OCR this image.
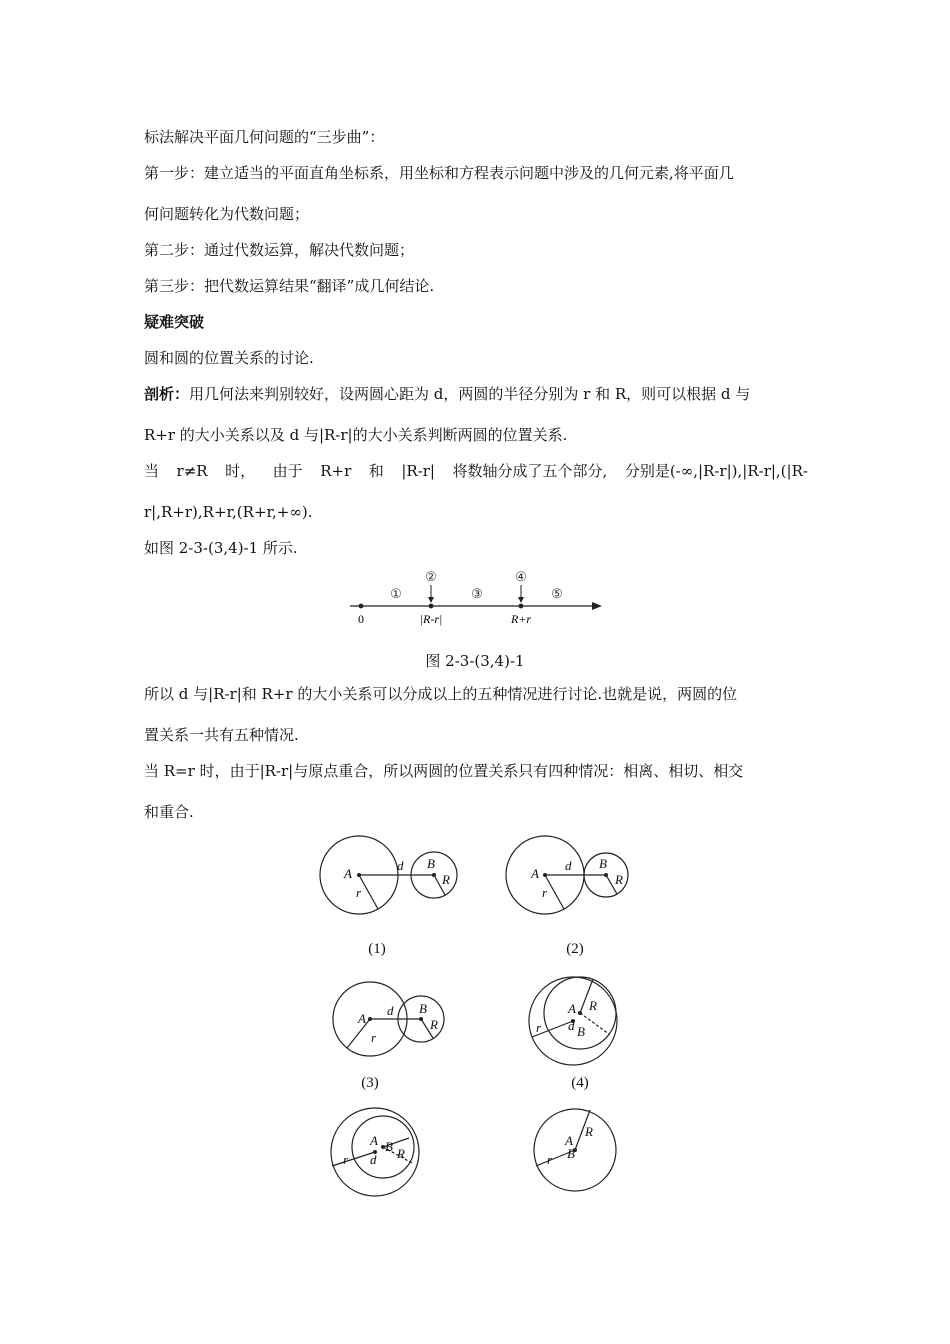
标法解决平面几何问题的“三步曲”：
第一步：建立适当的平面直角坐标系，用坐标和方程表示问题中涉及的几何元素,将平面几
何问题转化为代数问题；
第二步：通过代数运算，解决代数问题；
第三步：把代数运算结果“翻译”成几何结论.
疑难突破
圆和圆的位置关系的讨论.
剖析：用几何法来判别较好，设两圆心距为 d，两圆的半径分别为 r 和 R，则可以根据 d 与
R+r 的大小关系以及 d 与|R-r|的大小关系判断两圆的位置关系.
当 r≠R 时， 由于 R+r 和 |R-r| 将数轴分成了五个部分, 分别是(-∞,|R-r|),|R-r|,(|R-
r|,R+r),R+r,(R+r,+∞).
如图 2-3-(3,4)-1 所示.
①
②
③
④
⑤
0	|R-r|	R+r
图 2-3-(3,4)-1
所以 d 与|R-r|和 R+r 的大小关系可以分成以上的五种情况进行讨论.也就是说，两圆的位
置关系一共有五种情况.
当 R=r 时，由于|R-r|与原点重合，所以两圆的位置关系只有四种情况：相离、相切、相交
和重合.
A
d B
r
R	A
d B
r
R
A
d B
r
R
A R
d B
r
A B R
d
r
A
B
R
r
(1)	(2)
(3)	(4)
